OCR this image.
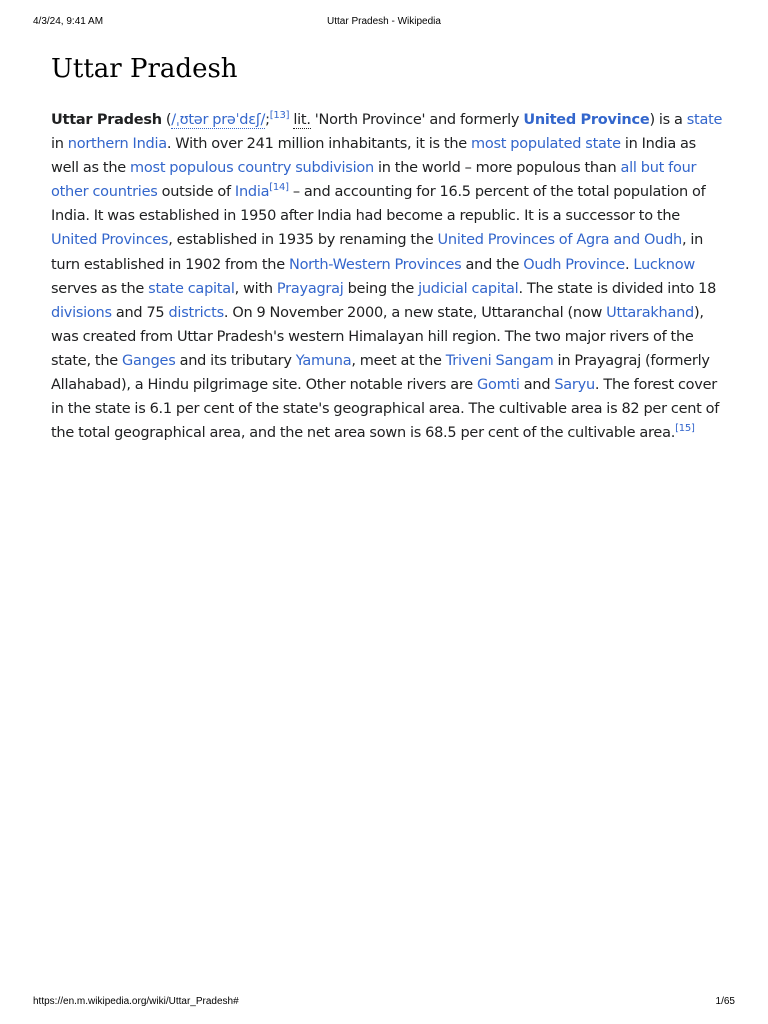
4/3/24, 9:41 AM	Uttar Pradesh - Wikipedia
Uttar Pradesh

Uttar Pradesh (/ˌʊtər prəˈdɛʃ/;[13] lit. 'North Province' and formerly United Province) is a state in northern India. With over 241 million inhabitants, it is the most populated state in India as well as the most populous country subdivision in the world – more populous than all but four other countries outside of India[14] – and accounting for 16.5 percent of the total population of India. It was established in 1950 after India had become a republic. It is a successor to the United Provinces, established in 1935 by renaming the United Provinces of Agra and Oudh, in turn established in 1902 from the North-Western Provinces and the Oudh Province. Lucknow serves as the state capital, with Prayagraj being the judicial capital. The state is divided into 18 divisions and 75 districts. On 9 November 2000, a new state, Uttaranchal (now Uttarakhand), was created from Uttar Pradesh's western Himalayan hill region. The two major rivers of the state, the Ganges and its tributary Yamuna, meet at the Triveni Sangam in Prayagraj (formerly Allahabad), a Hindu pilgrimage site. Other notable rivers are Gomti and Saryu. The forest cover in the state is 6.1 per cent of the state's geographical area. The cultivable area is 82 per cent of the total geographical area, and the net area sown is 68.5 per cent of the cultivable area.[15]

https://en.m.wikipedia.org/wiki/Uttar_Pradesh#	1/65
